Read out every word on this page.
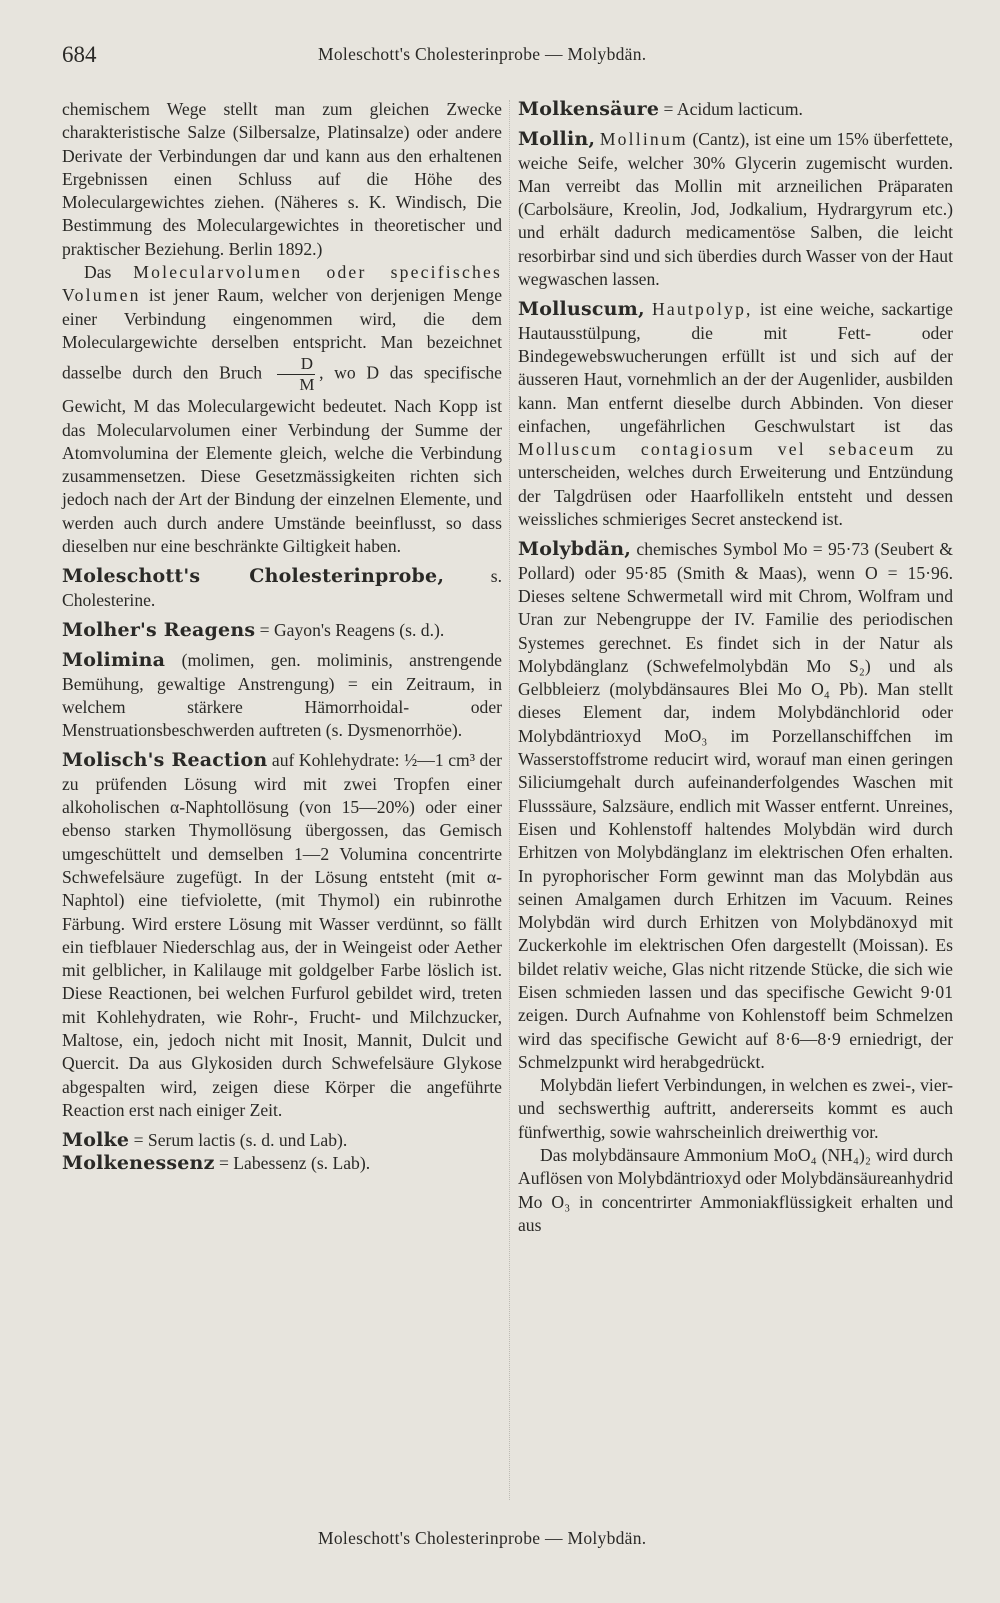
684	Moleschott's Cholesterinprobe — Molybdän.

chemischem Wege stellt man zum gleichen Zwecke charakteristische Salze (Silbersalze, Platinsalze) oder andere Derivate der Verbindungen dar und kann aus den erhaltenen Ergebnissen einen Schluss auf die Höhe des Moleculargewichtes ziehen. (Näheres s. K. Windisch, Die Bestimmung des Moleculargewichtes in theoretischer und praktischer Beziehung. Berlin 1892.)

Das Molecularvolumen oder specifisches Volumen ist jener Raum, welcher von derjenigen Menge einer Verbindung eingenommen wird, die dem Moleculargewichte derselben entspricht. Man bezeichnet dasselbe durch den Bruch $\frac{D}{M}$ , wo D das specifische Gewicht, M das Moleculargewicht bedeutet. Nach Kopp ist das Molecularvolumen einer Verbindung der Summe der Atomvolumina der Elemente gleich, welche die Verbindung zusammensetzen. Diese Gesetzmässigkeiten richten sich jedoch nach der Art der Bindung der einzelnen Elemente, und werden auch durch andere Umstände beeinflusst, so dass dieselben nur eine beschränkte Giltigkeit haben.

Moleschott's Cholesterinprobe,	s. Cholesterine.

Molher's Reagens = Gayon's Reagens (s. d.).

Molimina (molimen, gen. moliminis, anstrengende Bemühung, gewaltige Anstrengung) = ein Zeitraum, in welchem stärkere Hämorrhoidal- oder Menstruationsbeschwerden auftreten (s. Dysmenorrhöe).

Molisch's Reaction auf Kohlehydrate: ½—1 cm³ der zu prüfenden Lösung wird mit zwei Tropfen einer alkoholischen α-Naphtollösung (von 15—20%) oder einer ebenso starken Thymollösung übergossen, das Gemisch umgeschüttelt und demselben 1—2 Volumina concentrirte Schwefelsäure zugefügt. In der Lösung entsteht (mit α-Naphtol) eine tiefviolette, (mit Thymol) ein rubinrothe Färbung. Wird erstere Lösung mit Wasser verdünnt, so fällt ein tiefblauer Niederschlag aus, der in Weingeist oder Aether mit gelblicher, in Kalilauge mit goldgelber Farbe löslich ist. Diese Reactionen, bei welchen Furfurol gebildet wird, treten mit Kohlehydraten, wie Rohr-, Frucht- und Milchzucker, Maltose, ein, jedoch nicht mit Inosit, Mannit, Dulcit und Quercit. Da aus Glykosiden durch Schwefelsäure Glykose abgespalten wird, zeigen diese Körper die angeführte Reaction erst nach einiger Zeit.

Molke = Serum lactis (s. d. und Lab).

Molkenessenz = Labessenz (s. Lab).

Molkensäure = Acidum lacticum.

Mollin, Mollinum (Cantz), ist eine um 15% überfettete, weiche Seife, welcher 30% Glycerin zugemischt wurden. Man verreibt das Mollin mit arzneilichen Präparaten (Carbolsäure, Kreolin, Jod, Jodkalium, Hydrargyrum etc.) und erhält dadurch medicamentöse Salben, die leicht resorbirbar sind und sich überdies durch Wasser von der Haut wegwaschen lassen.

Molluscum, Hautpolyp, ist eine weiche, sackartige Hautausstülpung, die mit Fett- oder Bindegewebswucherungen erfüllt ist und sich auf der äusseren Haut, vornehmlich an der der Augenlider, ausbilden kann. Man entfernt dieselbe durch Abbinden. Von dieser einfachen, ungefährlichen Geschwulstart ist das Molluscum contagiosum vel sebaceum zu unterscheiden, welches durch Erweiterung und Entzündung der Talgdrüsen oder Haarfollikeln entsteht und dessen weissliches schmieriges Secret ansteckend ist.

Molybdän, chemisches Symbol Mo = 95·73 (Seubert & Pollard) oder 95·85 (Smith & Maas), wenn O = 15·96. Dieses seltene Schwermetall wird mit Chrom, Wolfram und Uran zur Nebengruppe der IV. Familie des periodischen Systemes gerechnet. Es findet sich in der Natur als Molybdänglanz (Schwefelmolybdän Mo S₂) und als Gelbbleierz (molybdänsaures Blei Mo O₄ Pb). Man stellt dieses Element dar, indem Molybdänchlorid oder Molybdäntrioxyd MoO₃ im Porzellanschiffchen im Wasserstoffstrome reducirt wird, worauf man einen geringen Siliciumgehalt durch aufeinanderfolgendes Waschen mit Flusssäure, Salzsäure, endlich mit Wasser entfernt. Unreines, Eisen und Kohlenstoff haltendes Molybdän wird durch Erhitzen von Molybdänglanz im elektrischen Ofen erhalten. In pyrophorischer Form gewinnt man das Molybdän aus seinen Amalgamen durch Erhitzen im Vacuum. Reines Molybdän wird durch Erhitzen von Molybdänoxyd mit Zuckerkohle im elektrischen Ofen dargestellt (Moissan). Es bildet relativ weiche, Glas nicht ritzende Stücke, die sich wie Eisen schmieden lassen und das specifische Gewicht 9·01 zeigen. Durch Aufnahme von Kohlenstoff beim Schmelzen wird das specifische Gewicht auf 8·6—8·9 erniedrigt, der Schmelzpunkt wird herabgedrückt.

Molybdän liefert Verbindungen, in welchen es zwei-, vier- und sechswerthig auftritt, andererseits kommt es auch fünfwerthig, sowie wahrscheinlich dreiwerthig vor.

Das molybdänsaure Ammonium MoO₄ (NH₄)₂ wird durch Auflösen von Molybdäntrioxyd oder Molybdänsäureanhydrid Mo O₃ in concentrirter Ammoniakflüssigkeit erhalten und aus

Moleschott's Cholesterinprobe — Molybdän.
